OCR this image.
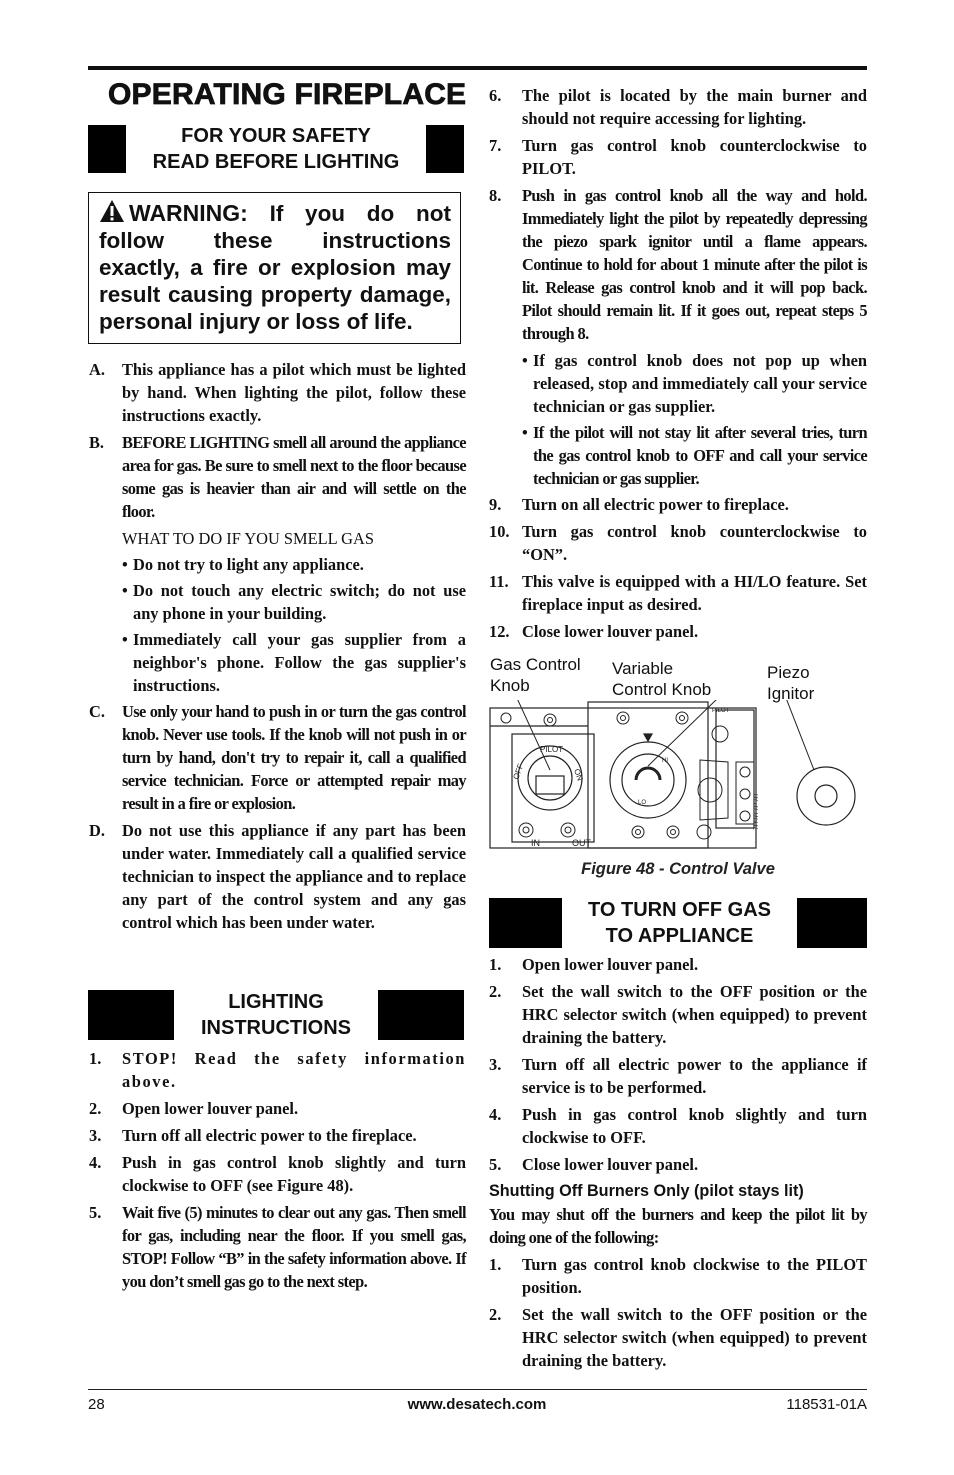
OPERATING FIREPLACE
FOR YOUR SAFETY
READ BEFORE LIGHTING
WARNING: If you do not follow these instructions exactly, a fire or explosion may result causing property damage, personal injury or loss of life.
A.	This appliance has a pilot which must be lighted by hand. When lighting the pilot, follow these instructions exactly.
B.	BEFORE LIGHTING smell all around the appliance area for gas. Be sure to smell next to the floor because some gas is heavier than air and will settle on the floor.
WHAT TO DO IF YOU SMELL GAS
• Do not try to light any appliance.
• Do not touch any electric switch; do not use any phone in your building.
• Immediately call your gas supplier from a neighbor's phone. Follow the gas supplier's instructions.
C.	Use only your hand to push in or turn the gas control knob. Never use tools. If the knob will not push in or turn by hand, don't try to repair it, call a qualified service technician. Force or attempted repair may result in a fire or explosion.
D.	Do not use this appliance if any part has been under water. Immediately call a qualified service technician to inspect the appliance and to replace any part of the control system and any gas control which has been under water.
LIGHTING
INSTRUCTIONS
1.	STOP! Read the safety information above.
2.	Open lower louver panel.
3.	Turn off all electric power to the fireplace.
4.	Push in gas control knob slightly and turn clockwise to OFF (see Figure 48).
5.	Wait five (5) minutes to clear out any gas. Then smell for gas, including near the floor. If you smell gas, STOP! Follow “B” in the safety information above. If you don’t smell gas go to the next step.
6.	The pilot is located by the main burner and should not require accessing for lighting.
7.	Turn gas control knob counterclockwise to PILOT.
8.	Push in gas control knob all the way and hold. Immediately light the pilot by repeatedly depressing the piezo spark ignitor until a flame appears. Continue to hold for about 1 minute after the pilot is lit. Release gas control knob and it will pop back. Pilot should remain lit. If it goes out, repeat steps 5 through 8.
• If gas control knob does not pop up when released, stop and immediately call your service technician or gas supplier.
• If the pilot will not stay lit after several tries, turn the gas control knob to OFF and call your service technician or gas supplier.
9.	Turn on all electric power to fireplace.
10. Turn gas control knob counterclockwise to “ON”.
11. This valve is equipped with a HI/LO feature. Set fireplace input as desired.
12. Close lower louver panel.
Gas Control
Knob
Variable
Control Knob
Piezo
Ignitor
IN	OUT
OFF
PILOT
ON
HI
LO
PILOT
TP/TH TP TH
Figure 48 - Control Valve
TO TURN OFF GAS
TO APPLIANCE
1.	Open lower louver panel.
2.	Set the wall switch to the OFF position or the HRC selector switch (when equipped) to prevent draining the battery.
3.	Turn off all electric power to the appliance if service is to be performed.
4.	Push in gas control knob slightly and turn clockwise to OFF.
5.	Close lower louver panel.
Shutting Off Burners Only (pilot stays lit)

You may shut off the burners and keep the pilot lit by doing one of the following:

1.	Turn gas control knob clockwise to the PILOT position.
2.	Set the wall switch to the OFF position or the HRC selector switch (when equipped) to prevent draining the battery.
28	www.desatech.com	118531-01A
